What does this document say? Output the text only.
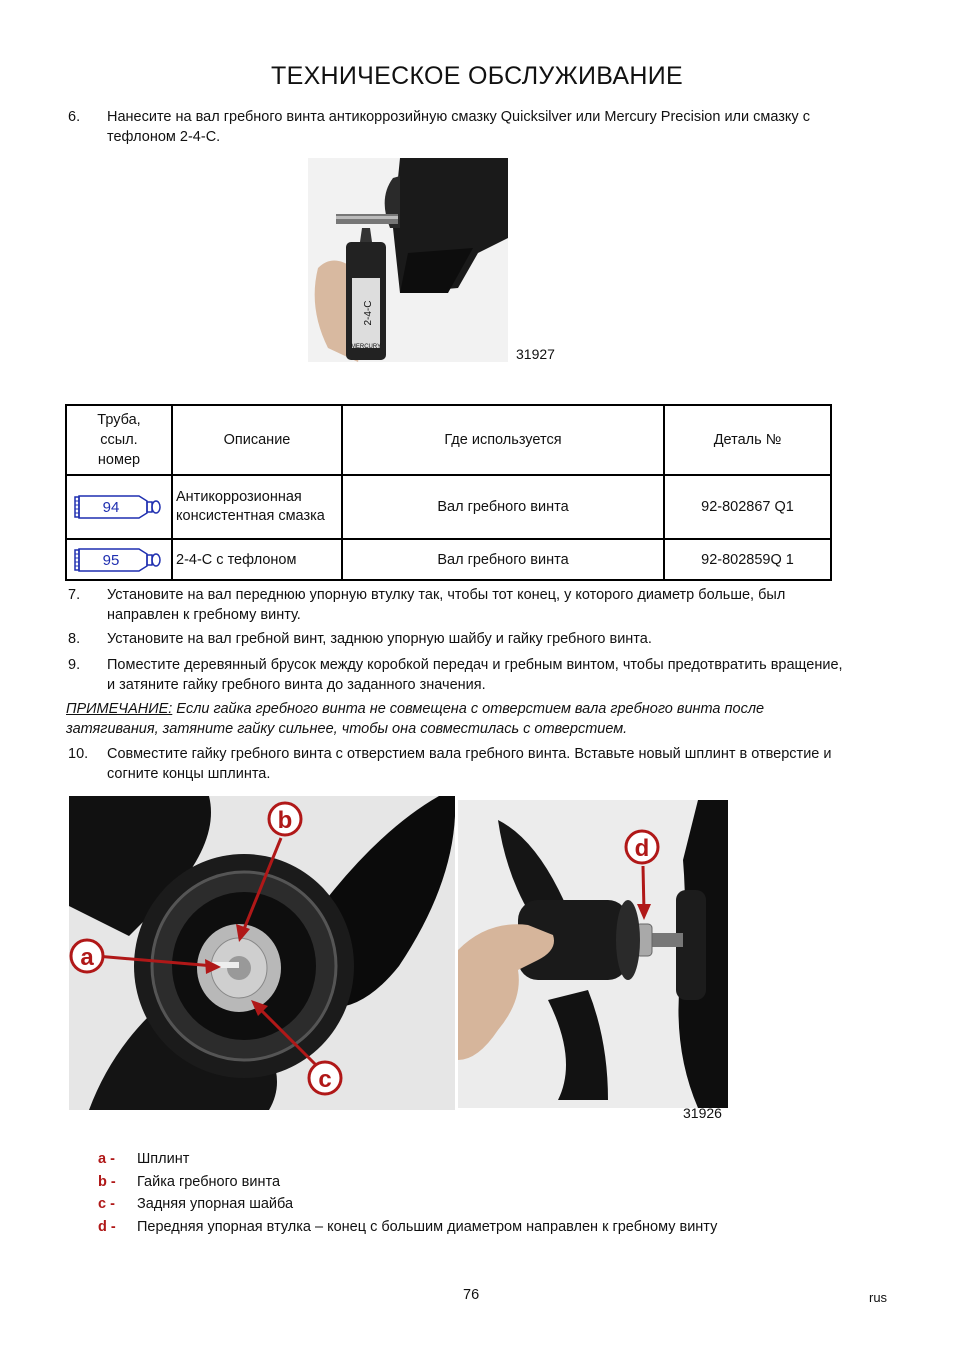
ТЕХНИЧЕСКОЕ ОБСЛУЖИВАНИЕ
6. Нанесите на вал гребного винта антикоррозийную смазку Quicksilver или Mercury Precision или смазку с тефлоном 2-4-C.
2-4-C
MERCURY	31927
Труба, ссыл. номер	Описание	Где используется	Деталь №

94	Антикоррозионная консистентная смазка	Вал гребного винта	92-802867 Q1

95	2-4-C с тефлоном	Вал гребного винта	92-802859Q 1
7. Установите на вал переднюю упорную втулку так, чтобы тот конец, у которого диаметр больше, был направлен к гребному винту.
8. Установите на вал гребной винт, заднюю упорную шайбу и гайку гребного винта.
9. Поместите деревянный брусок между коробкой передач и гребным винтом, чтобы предотвратить вращение, и затяните гайку гребного винта до заданного значения.
ПРИМЕЧАНИЕ: Если гайка гребного винта не совмещена с отверстием вала гребного винта после затягивания, затяните гайку сильнее, чтобы она совместилась с отверстием.
10. Совместите гайку гребного винта с отверстием вала гребного винта. Вставьте новый шплинт в отверстие и согните концы шплинта.
a
b
c
d
31926
a - Шплинт
b - Гайка гребного винта
c - Задняя упорная шайба
d - Передняя упорная втулка – конец с большим диаметром направлен к гребному винту
76	rus
